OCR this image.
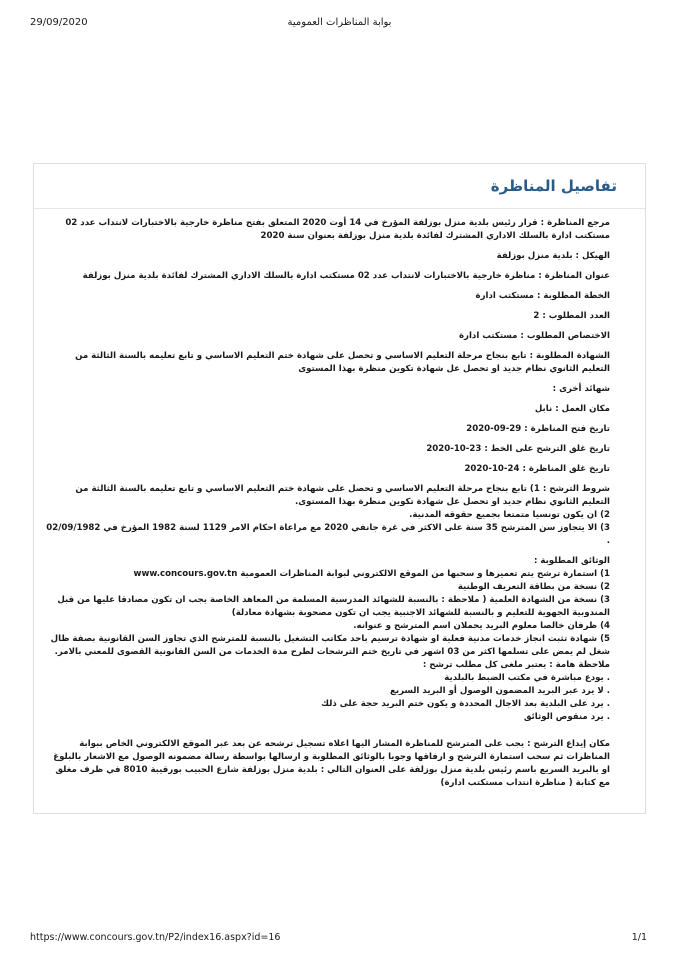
29/09/2020	بوابة المناظرات العمومية
تفاصيل المناظرة

مرجع المناظرة : قرار رئيس بلدية منزل بوزلفة المؤرخ في 14 أوت 2020 المتعلق بفتح مناظرة خارجية بالاختبارات لانتداب عدد 02 مستكتب ادارة بالسلك الاداري المشترك لفائدة بلدية منزل بوزلفة بعنوان سنة 2020

الهيكل : بلدية منزل بوزلفة

عنوان المناظرة : مناظرة خارجية بالاختبارات لانتداب عدد 02 مستكتب ادارة بالسلك الاداري المشترك لفائدة بلدية منزل بوزلفة

الخطة المطلوبة : مستكتب ادارة

العدد المطلوب : 2

الاختصاص المطلوب : مستكتب ادارة

الشهادة المطلوبة : تابع بنجاح مرحلة التعليم الاساسي و تحصل على شهادة ختم التعليم الاساسي و تابع تعليمه بالسنة الثالثة من التعليم الثانوي نظام جديد او تحصل عل شهادة تكوين منظرة بهذا المستوى

شهائد أخرى :

مكان العمل : نابل

تاريخ فتح المناظرة : 29-09-2020

تاريخ غلق الترشح على الخط : 23-10-2020

تاريخ غلق المناظرة : 24-10-2020

شروط الترشح : 1) تابع بنجاح مرحلة التعليم الاساسي و تحصل على شهادة ختم التعليم الاساسي و تابع تعليمه بالسنة الثالثة من التعليم الثانوي نظام جديد او تحصل عل شهادة تكوين منظرة بهذا المستوى.
2) ان يكون تونسيا متمتعا بجميع حقوقه المدنية.
3) الا يتجاوز سن المترشح 35 سنة على الاكثر في غرة جانفي 2020 مع مراعاة احكام الامر 1129 لسنة 1982 المؤرخ في 02/09/1982 .

الوثائق المطلوبة :
1) استمارة ترشح يتم تعميرها و سحبها من الموقع الالكتروني لبوابة المناظرات العمومية www.concours.gov.tn
2) نسخة من بطاقة التعريف الوطنية
3) نسخة من الشهادة العلمية ( ملاحظة : بالنسبة للشهائد المدرسية المسلمة من المعاهد الخاصة يجب ان تكون مصادقا عليها من قبل المندوبية الجهوية للتعليم و بالنسبة للشهائد الاجنبية يجب ان تكون مصحوبة بشهادة معادلة)
4) ظرفان خالصا معلوم البريد يحملان اسم المترشح و عنوانه.
5) شهادة تثبت انجاز خدمات مدنية فعلية او شهادة ترسيم باحد مكاتب التشغيل بالنسبة للمترشح الذي تجاوز السن القانونية بصفة ظال شغل لم يمض على تسلمها اكثر من 03 اشهر في تاريخ ختم الترشحات لطرح مدة الخدمات من السن القانونية القصوى للمعني بالامر.
ملاحظة هامة : يعتبر ملغى كل مطلب ترشح :
. يودع مباشرة في مكتب الضبط بالبلدية
. لا يرد عبر البريد المضمون الوصول أو البريد السريع
. يرد على البلدية بعد الاجال المحددة و يكون ختم البريد حجة على ذلك
. يرد منقوص الوثائق

مكان إيداع الترشح : يجب على المترشح للمناظرة المشار اليها اعلاه تسجيل ترشحه عن بعد عبر الموقع الالكتروني الخاص ببوابة المناظرات ثم سحب استمارة الترشح و ارفاقها وجوبا بالوثائق المطلوبة و ارسالها بواسطة رسالة مضمونه الوصول مع الاشعار بالبلوغ او بالبريد السريع باسم رئيس بلدية منزل بوزلفة على العنوان التالي : بلدية منزل بوزلفة شارع الحبيب بورقيبة 8010 في ظرف مغلق مع كتابة ( مناظرة انتداب مستكتب ادارة)

https://www.concours.gov.tn/P2/index16.aspx?id=16	1/1
